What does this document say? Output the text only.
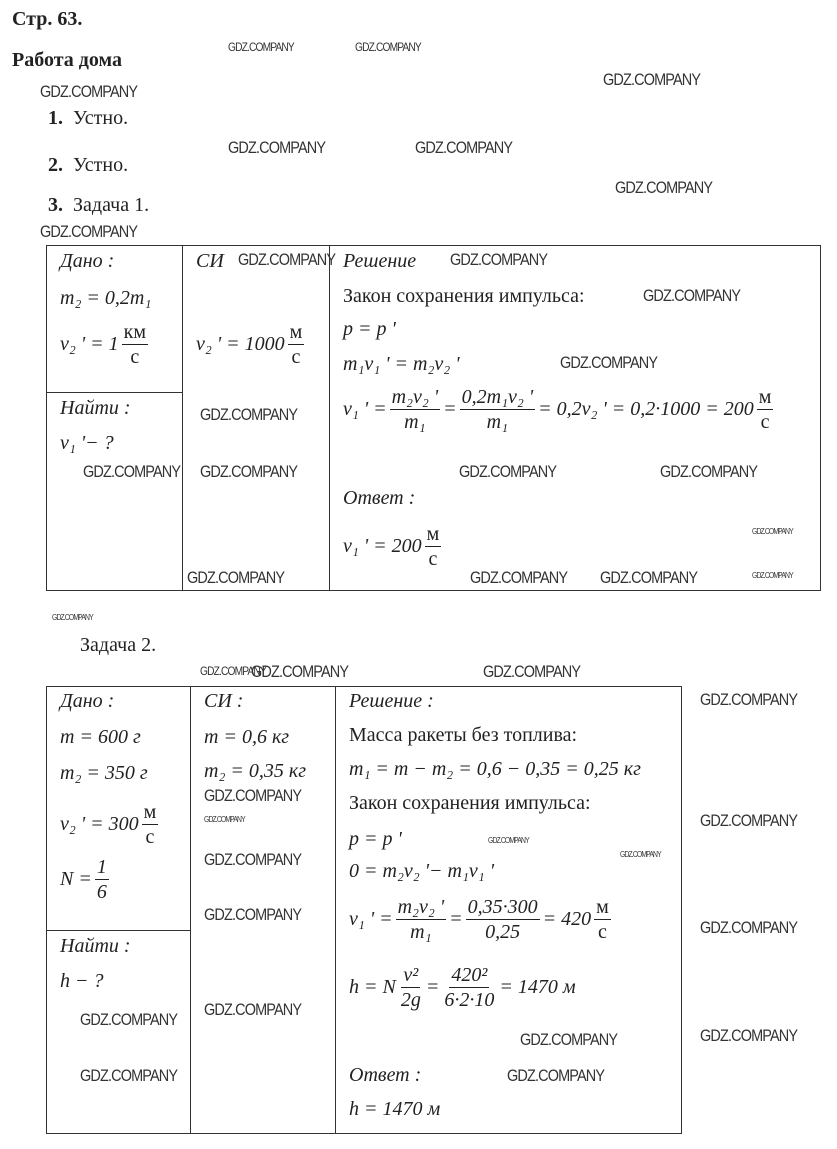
Стр. 63.
Работа дома
1. Устно.
2. Устно.
3. Задача 1.
Дано :
m₂ = 0,2m₁
v₂ ' = $1 \frac{км}{с}$
Найти :
v₁ '− ?
СИ
v₂ ' = $1000 \frac{м}{с}$
Решение
Закон сохранения импульса:
p = p '
m₁v₁ ' = m₂v₂ '
v₁ ' = $\frac{\text{m₂v₂ '}}{\text{m₁}} = \frac{\text{0,2m₁v₂ '}}{\text{m₁}} = 0,2v_2$ ' = $0,2\cdot 1000 = 200 \frac{м}{с}$
Ответ :
v₁ ' = $200 \frac{м}{с}$
Задача 2.
Дано :
m = 600 г
m₂ = 350 г
v₂ ' = $300 \frac{м}{с}$
$N = \frac{1}{6}$
Найти :
h − ?
СИ :
m = 0,6 кг
m₂ = 0,35 кг
Решение :
Масса ракеты без топлива:
m₁ = m − m₂ = 0,6 − 0,35 = 0,25 кг
Закон сохранения импульса:
p = p '
0 = m₂v₂ '− m₁v₁ '
v₁ ' = $\frac{\text{m₂v₂ '}}{\text{m₁}} = \frac{0,35\cdot 300}{0,25} = 420 \frac{м}{с}$
h = N $\frac{\text{v²}}{2g} = \frac{\text{420²}}{6\cdot 2\cdot 10} = 1470$ м
Ответ :
h = 1470 м
GDZ.COMPANY	GDZ.COMPANY
GDZ.COMPANY
GDZ.COMPANY
GDZ.COMPANY	GDZ.COMPANY
GDZ.COMPANY
GDZ.COMPANY
GDZ.COMPANY	GDZ.COMPANY
GDZ.COMPANY
GDZ.COMPANY
GDZ.COMPANY
GDZ.COMPANY
GDZ.COMPANY GDZ.COMPANY	GDZ.COMPANY
GDZ.COMPANY
GDZ.COMPANY
GDZ.COMPANY	GDZ.COMPANY GDZ.COMPANY
GDZ.COMPANY
GDZ.COMPANY
GDZ.COMPANY	GDZ.COMPANY
GDZ.COMPANY
GDZ.COMPANY
GDZ.COMPANY
GDZ.COMPANY
GDZ.COMPANY
GDZ.COMPANY
GDZ.COMPANY
GDZ.COMPANY
GDZ.COMPANY
GDZ.COMPANY
GDZ.COMPANY
GDZ.COMPANY
GDZ.COMPANY
GDZ.COMPANY
GDZ.COMPANY
